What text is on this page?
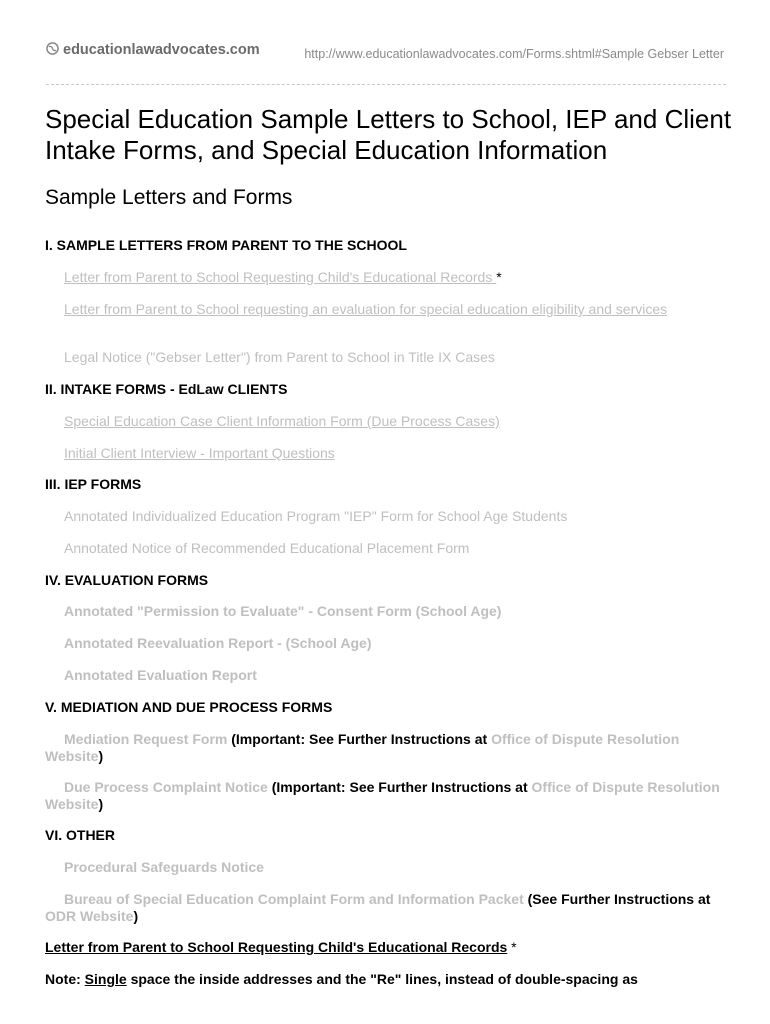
educationlawadvocates.com	http://www.educationlawadvocates.com/Forms.shtml#Sample Gebser Letter
Special Education Sample Letters to School, IEP and Client Intake Forms, and Special Education Information
Sample Letters and Forms
I. SAMPLE LETTERS FROM PARENT TO THE SCHOOL
Letter from Parent to School Requesting Child's Educational Records *
Letter from Parent to School requesting an evaluation for special education eligibility and services
Legal Notice ("Gebser Letter") from Parent to School in Title IX Cases
II. INTAKE FORMS - EdLaw CLIENTS
Special Education Case Client Information Form (Due Process Cases)
Initial Client Interview - Important Questions
III. IEP FORMS
Annotated Individualized Education Program "IEP" Form for School Age Students
Annotated Notice of Recommended Educational Placement Form
IV. EVALUATION FORMS
Annotated "Permission to Evaluate" - Consent Form (School Age)
Annotated Reevaluation Report - (School Age)
Annotated Evaluation Report
V. MEDIATION AND DUE PROCESS FORMS
Mediation Request Form (Important: See Further Instructions at Office of Dispute Resolution Website)
Due Process Complaint Notice (Important: See Further Instructions at Office of Dispute Resolution Website)
VI. OTHER
Procedural Safeguards Notice
Bureau of Special Education Complaint Form and Information Packet (See Further Instructions at ODR Website)
Letter from Parent to School Requesting Child's Educational Records *
Note: Single space the inside addresses and the "Re" lines, instead of double-spacing as
